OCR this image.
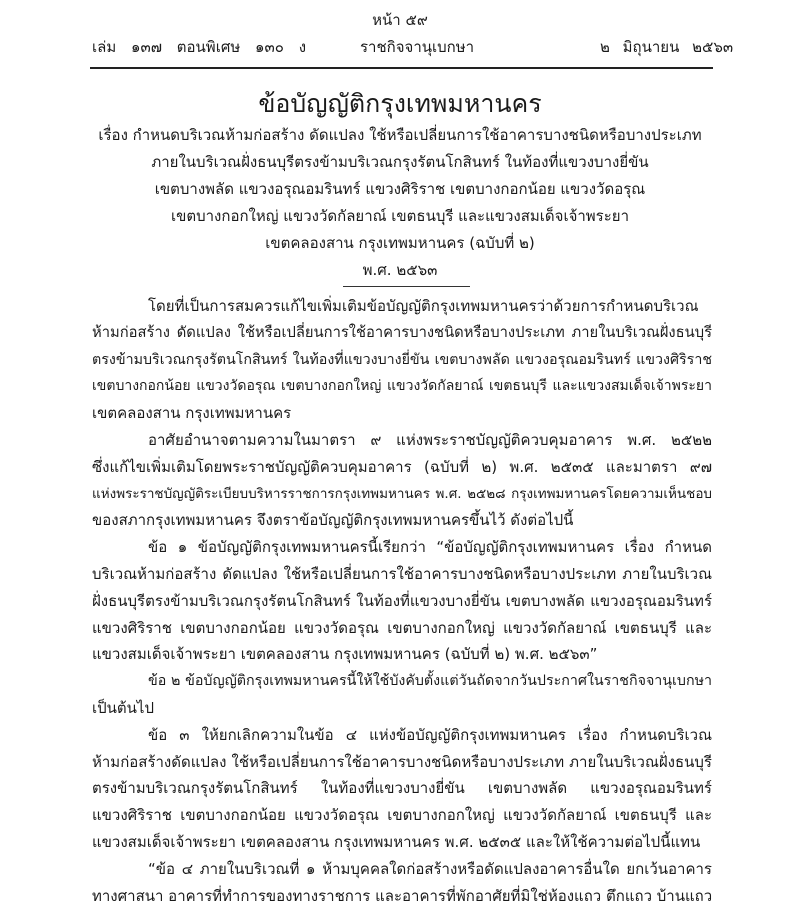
หน้า ๕๙
เล่ม ๑๓๗ ตอนพิเศษ ๑๓๐ ง	ราชกิจจานุเบกษา	๒ มิถุนายน ๒๕๖๓
ข้อบัญญัติกรุงเทพมหานคร
เรื่อง กำหนดบริเวณห้ามก่อสร้าง ดัดแปลง ใช้หรือเปลี่ยนการใช้อาคารบางชนิดหรือบางประเภท
ภายในบริเวณฝั่งธนบุรีตรงข้ามบริเวณกรุงรัตนโกสินทร์ ในท้องที่แขวงบางยี่ขัน
เขตบางพลัด แขวงอรุณอมรินทร์ แขวงศิริราช เขตบางกอกน้อย แขวงวัดอรุณ
เขตบางกอกใหญ่ แขวงวัดกัลยาณ์ เขตธนบุรี และแขวงสมเด็จเจ้าพระยา
เขตคลองสาน กรุงเทพมหานคร (ฉบับที่ ๒)
พ.ศ. ๒๕๖๓
โดยที่เป็นการสมควรแก้ไขเพิ่มเติมข้อบัญญัติกรุงเทพมหานครว่าด้วยการกำหนดบริเวณ
ห้ามก่อสร้าง ดัดแปลง ใช้หรือเปลี่ยนการใช้อาคารบางชนิดหรือบางประเภท ภายในบริเวณฝั่งธนบุรี
ตรงข้ามบริเวณกรุงรัตนโกสินทร์ ในท้องที่แขวงบางยี่ขัน เขตบางพลัด แขวงอรุณอมรินทร์ แขวงศิริราช
เขตบางกอกน้อย แขวงวัดอรุณ เขตบางกอกใหญ่ แขวงวัดกัลยาณ์ เขตธนบุรี และแขวงสมเด็จเจ้าพระยา
เขตคลองสาน กรุงเทพมหานคร
อาศัยอำนาจตามความในมาตรา ๙ แห่งพระราชบัญญัติควบคุมอาคาร พ.ศ. ๒๕๒๒
ซึ่งแก้ไขเพิ่มเติมโดยพระราชบัญญัติควบคุมอาคาร (ฉบับที่ ๒) พ.ศ. ๒๕๓๕ และมาตรา ๙๗
แห่งพระราชบัญญัติระเบียบบริหารราชการกรุงเทพมหานคร พ.ศ. ๒๕๒๘ กรุงเทพมหานครโดยความเห็นชอบ
ของสภากรุงเทพมหานคร จึงตราข้อบัญญัติกรุงเทพมหานครขึ้นไว้ ดังต่อไปนี้
ข้อ ๑ ข้อบัญญัติกรุงเทพมหานครนี้เรียกว่า “ข้อบัญญัติกรุงเทพมหานคร เรื่อง กำหนด
บริเวณห้ามก่อสร้าง ดัดแปลง ใช้หรือเปลี่ยนการใช้อาคารบางชนิดหรือบางประเภท ภายในบริเวณ
ฝั่งธนบุรีตรงข้ามบริเวณกรุงรัตนโกสินทร์ ในท้องที่แขวงบางยี่ขัน เขตบางพลัด แขวงอรุณอมรินทร์
แขวงศิริราช เขตบางกอกน้อย แขวงวัดอรุณ เขตบางกอกใหญ่ แขวงวัดกัลยาณ์ เขตธนบุรี และ
แขวงสมเด็จเจ้าพระยา เขตคลองสาน กรุงเทพมหานคร (ฉบับที่ ๒) พ.ศ. ๒๕๖๓”
ข้อ ๒ ข้อบัญญัติกรุงเทพมหานครนี้ให้ใช้บังคับตั้งแต่วันถัดจากวันประกาศในราชกิจจานุเบกษา
เป็นต้นไป
ข้อ ๓ ให้ยกเลิกความในข้อ ๔ แห่งข้อบัญญัติกรุงเทพมหานคร เรื่อง กำหนดบริเวณ
ห้ามก่อสร้างดัดแปลง ใช้หรือเปลี่ยนการใช้อาคารบางชนิดหรือบางประเภท ภายในบริเวณฝั่งธนบุรี
ตรงข้ามบริเวณกรุงรัตนโกสินทร์ ในท้องที่แขวงบางยี่ขัน เขตบางพลัด แขวงอรุณอมรินทร์
แขวงศิริราช เขตบางกอกน้อย แขวงวัดอรุณ เขตบางกอกใหญ่ แขวงวัดกัลยาณ์ เขตธนบุรี และ
แขวงสมเด็จเจ้าพระยา เขตคลองสาน กรุงเทพมหานคร พ.ศ. ๒๕๓๕ และให้ใช้ความต่อไปนี้แทน
“ข้อ ๔ ภายในบริเวณที่ ๑ ห้ามบุคคลใดก่อสร้างหรือดัดแปลงอาคารอื่นใด ยกเว้นอาคาร
ทางศาสนา อาคารที่ทำการของทางราชการ และอาคารที่พักอาศัยที่มิใช่ห้องแถว ตึกแถว บ้านแถว
